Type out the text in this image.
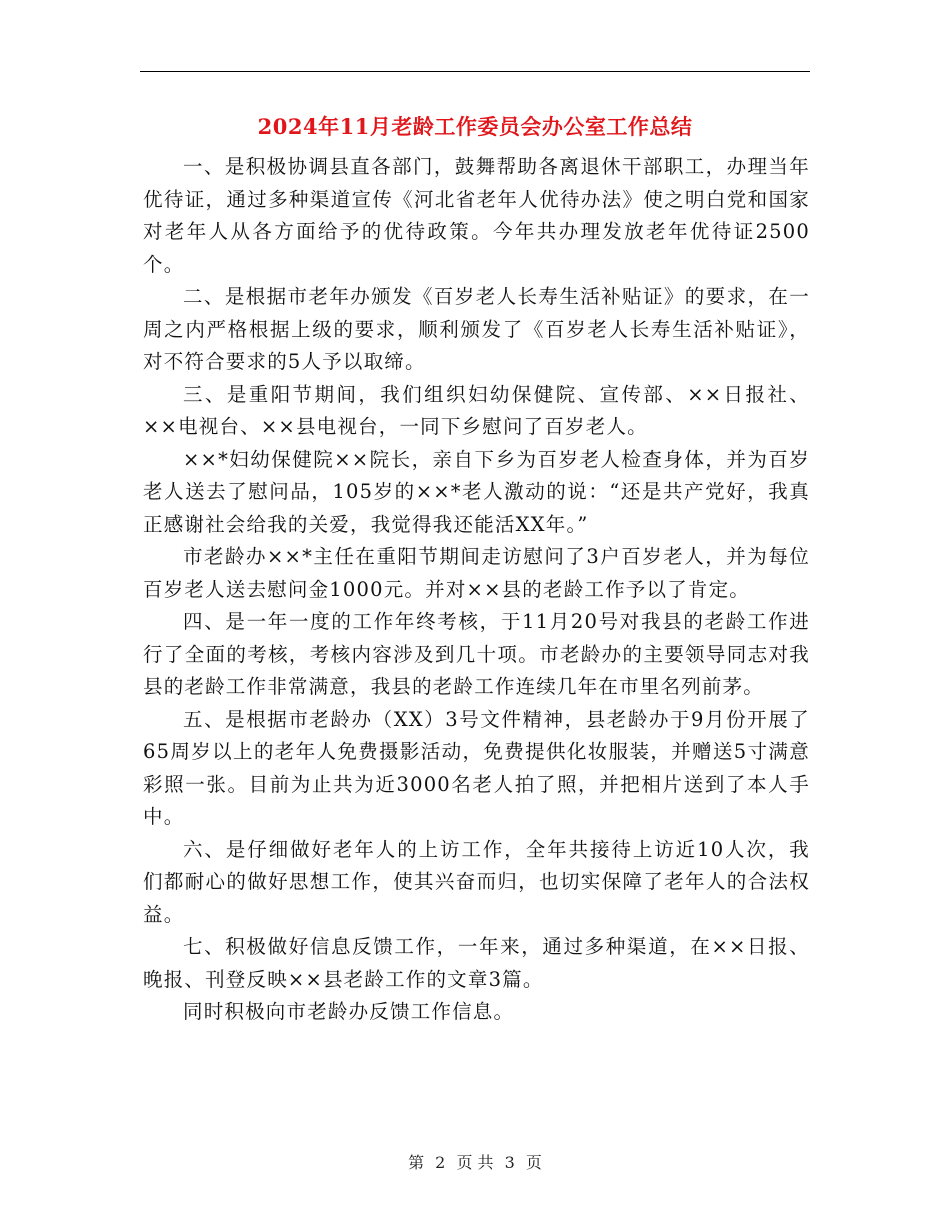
2024年11月老龄工作委员会办公室工作总结

一、是积极协调县直各部门，鼓舞帮助各离退休干部职工，办理当年优待证，通过多种渠道宣传《河北省老年人优待办法》使之明白党和国家对老年人从各方面给予的优待政策。今年共办理发放老年优待证2500个。

二、是根据市老年办颁发《百岁老人长寿生活补贴证》的要求，在一周之内严格根据上级的要求，顺利颁发了《百岁老人长寿生活补贴证》，对不符合要求的5人予以取缔。

三、是重阳节期间，我们组织妇幼保健院、宣传部、××日报社、××电视台、××县电视台，一同下乡慰问了百岁老人。

××*妇幼保健院××院长，亲自下乡为百岁老人检查身体，并为百岁老人送去了慰问品，105岁的××*老人激动的说：“还是共产党好，我真正感谢社会给我的关爱，我觉得我还能活XX年。”

市老龄办××*主任在重阳节期间走访慰问了3户百岁老人，并为每位百岁老人送去慰问金1000元。并对××县的老龄工作予以了肯定。

四、是一年一度的工作年终考核，于11月20号对我县的老龄工作进行了全面的考核，考核内容涉及到几十项。市老龄办的主要领导同志对我县的老龄工作非常满意，我县的老龄工作连续几年在市里名列前茅。

五、是根据市老龄办（XX）3号文件精神，县老龄办于9月份开展了65周岁以上的老年人免费摄影活动，免费提供化妆服装，并赠送5寸满意彩照一张。目前为止共为近3000名老人拍了照，并把相片送到了本人手中。

六、是仔细做好老年人的上访工作，全年共接待上访近10人次，我们都耐心的做好思想工作，使其兴奋而归，也切实保障了老年人的合法权益。

七、积极做好信息反馈工作，一年来，通过多种渠道，在××日报、晚报、刊登反映××县老龄工作的文章3篇。

同时积极向市老龄办反馈工作信息。

第 2 页 共 3 页
